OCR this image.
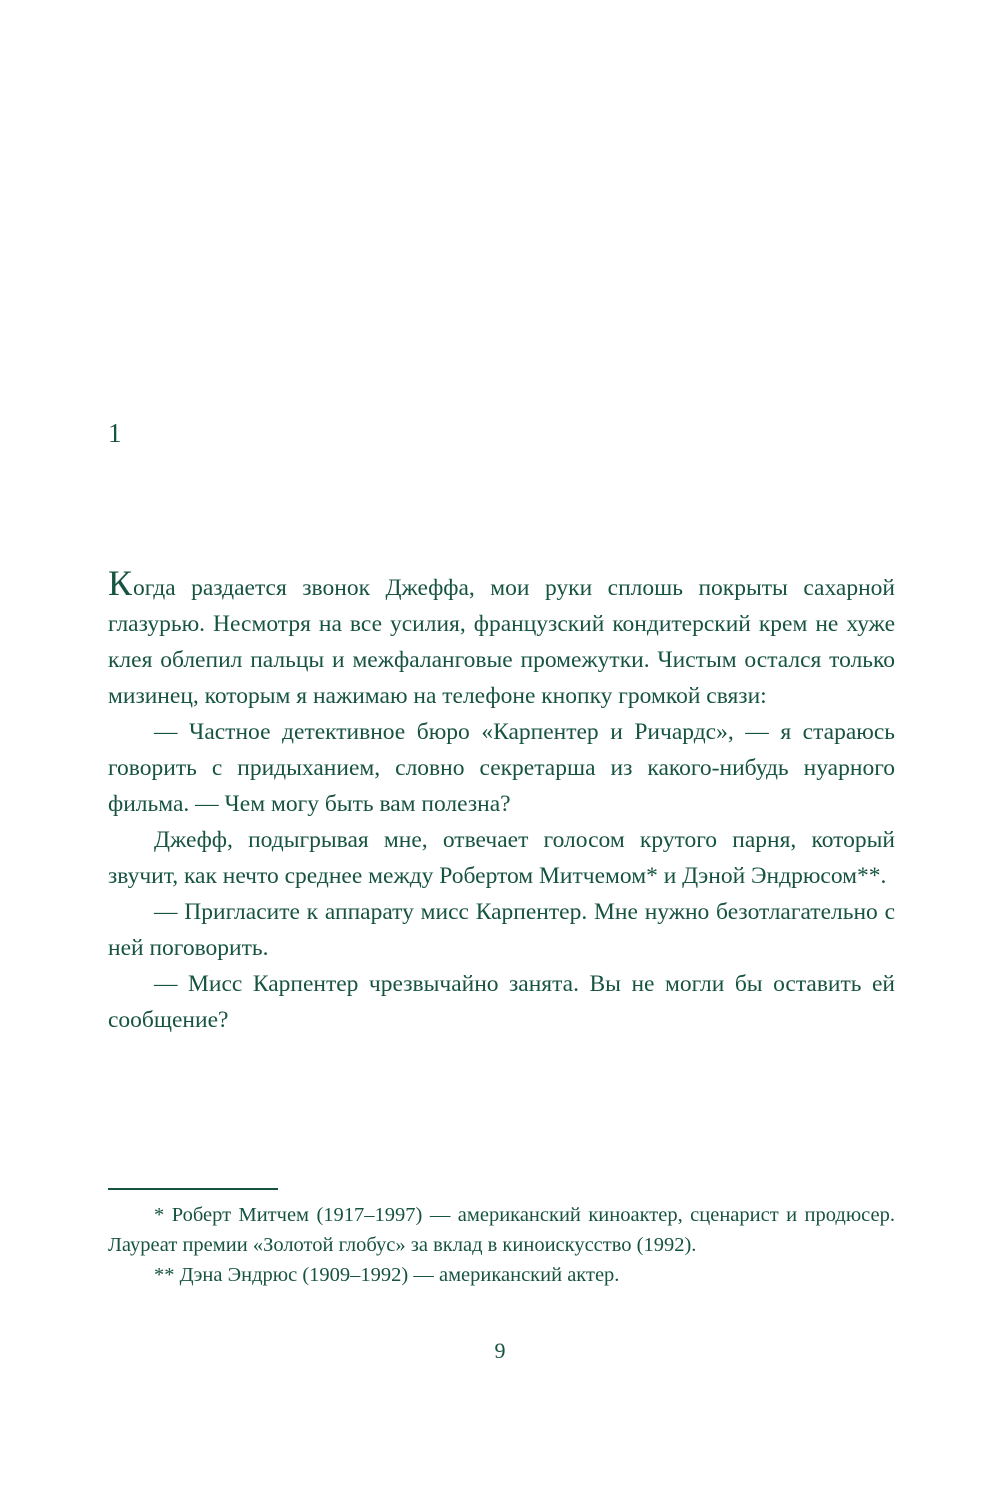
1

Когда раздается звонок Джеффа, мои руки сплошь покрыты сахарной глазурью. Несмотря на все усилия, французский кондитерский крем не хуже клея облепил пальцы и межфаланговые промежутки. Чистым остался только мизинец, которым я нажимаю на телефоне кнопку громкой связи:

— Частное детективное бюро «Карпентер и Ричардс», — я стараюсь говорить с придыханием, словно секретарша из какого-нибудь нуарного фильма. — Чем могу быть вам полезна?

Джефф, подыгрывая мне, отвечает голосом крутого парня, который звучит, как нечто среднее между Робертом Митчемом* и Дэной Эндрюсом**.

— Пригласите к аппарату мисс Карпентер. Мне нужно безотлагательно с ней поговорить.

— Мисс Карпентер чрезвычайно занята. Вы не могли бы оставить ей сообщение?

* Роберт Митчем (1917–1997) — американский киноактер, сценарист и продюсер. Лауреат премии «Золотой глобус» за вклад в киноискусство (1992).

** Дэна Эндрюс (1909–1992) — американский актер.

9
